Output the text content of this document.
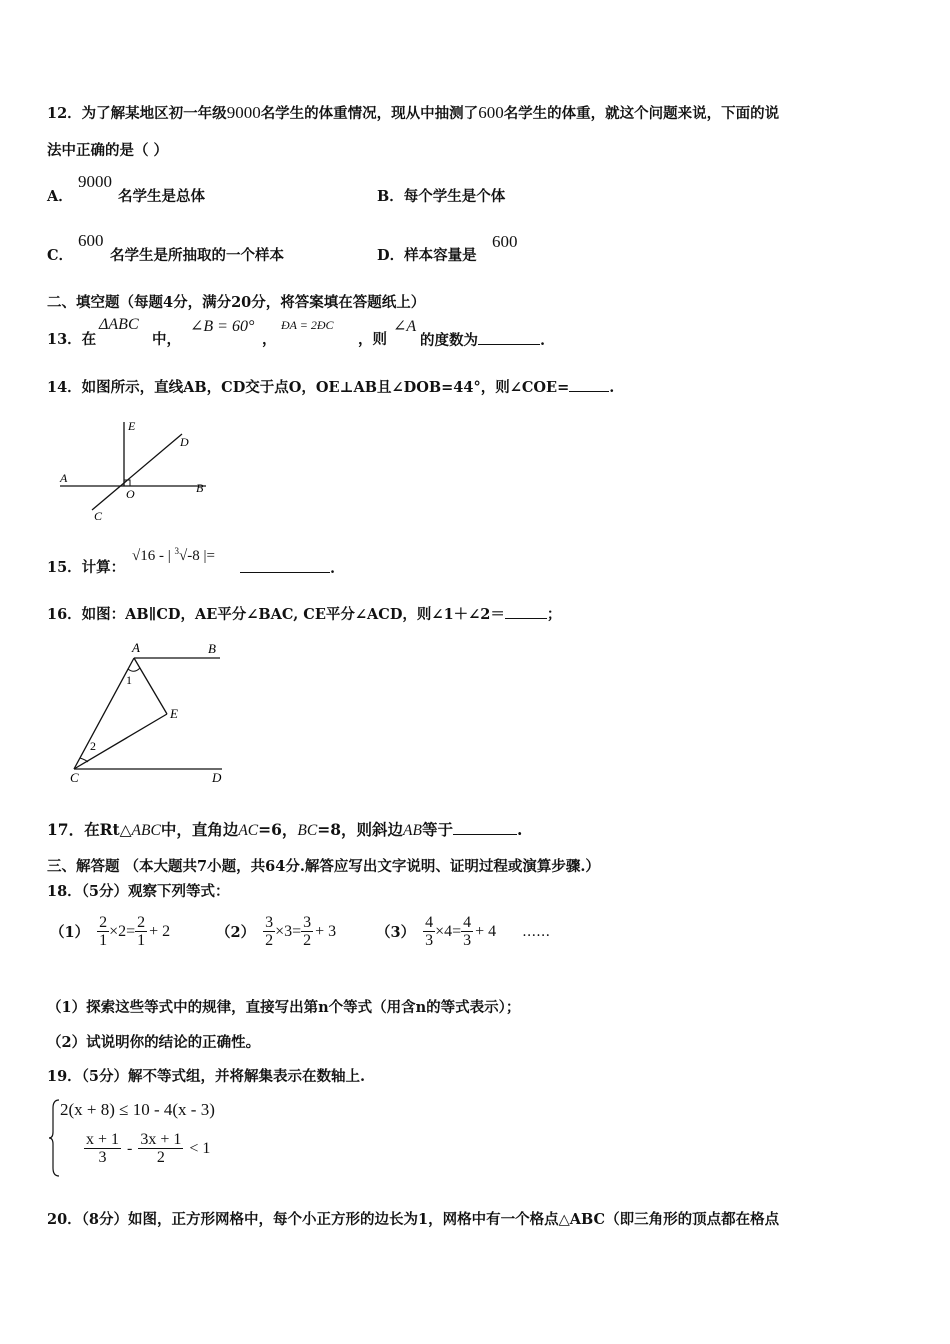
12．为了解某地区初一年级9000名学生的体重情况，现从中抽测了600名学生的体重，就这个问题来说，下面的说
法中正确的是（ ）
A．
9000
名学生是总体	B．每个学生是个体
C．
600
名学生是所抽取的一个样本	D．样本容量是
600
二、填空题（每题4分，满分20分，将答案填在答题纸上）
13．在
ΔABC
中，
∠B = 60°
，
ÐA = 2ÐC
，则
∠A
的度数为	.
14．如图所示，直线AB，CD交于点O，OE⊥AB且∠DOB=44°，则∠COE=	.
E
D
A
O	B
C
15．计算：
√16 - | $^3$√-8 |=
.
16．如图：AB∥CD，AE平分∠BAC, CE平分∠ACD，则∠1＋∠2＝	；
A	B
E
C	D
1
2
17．在Rt△ABC中，直角边AC=6，BC=8，则斜边AB等于	.
三、解答题 （本大题共7小题，共64分.解答应写出文字说明、证明过程或演算步骤.）
18．（5分）观察下列等式：
$(1) \frac{2}{1} \times 2= \frac{2}{1} + 2$	$(2) \frac{3}{2} \times 3= \frac{3}{2} + 3$	$(3) \frac{4}{3} \times 4= \frac{4}{3} + 4$ ……
（1）探索这些等式中的规律，直接写出第n个等式（用含n的等式表示）；
（2）试说明你的结论的正确性。
19．（5分）解不等式组，并将解集表示在数轴上.
2(x + 8) ≤ 10 - 4(x - 3)
$\frac{x + 1}{3} - \frac{3x + 1}{2} < 1$
20．（8分）如图，正方形网格中，每个小正方形的边长为1，网格中有一个格点△ABC（即三角形的顶点都在格点
